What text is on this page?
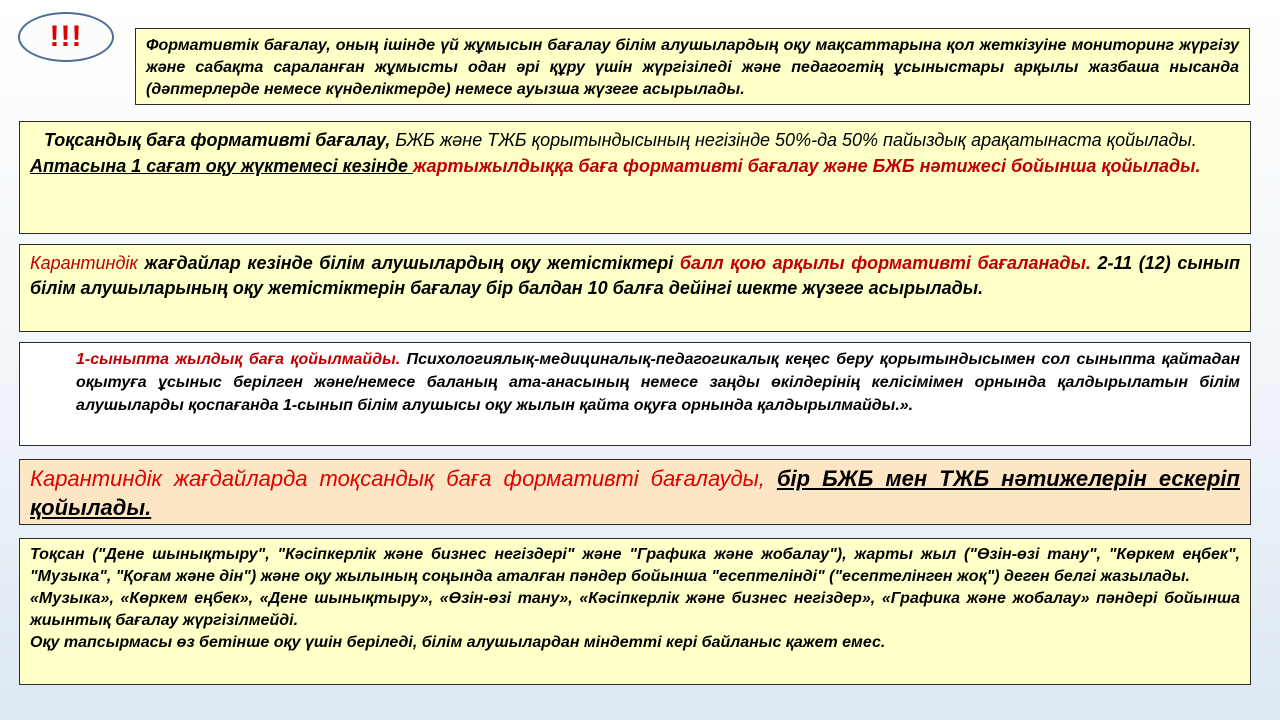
!!!	Формативтік бағалау, оның ішінде үй жұмысын бағалау білім алушылардың оқу мақсаттарына қол жеткізуіне мониторинг жүргізу және сабақта сараланған жұмысты одан әрі құру үшін жүргізіледі және педагогтің ұсыныстары арқылы жазбаша нысанда (дәптерлерде немесе күнделіктерде) немесе ауызша жүзеге асырылады.

Тоқсандық баға формативті бағалау, БЖБ және ТЖБ қорытындысының негізінде 50%-да 50% пайыздық арақатынаста қойылады.

Аптасына 1 сағат оқу жүктемесі кезінде жартыжылдыққа баға формативті бағалау және БЖБ нәтижесі бойынша қойылады.

Карантиндік жағдайлар кезінде білім алушылардың оқу жетістіктері балл қою арқылы формативті бағаланады. 2-11 (12) сынып білім алушыларының оқу жетістіктерін бағалау бір балдан 10 балға дейінгі шекте жүзеге асырылады.

1-сыныпта жылдық баға қойылмайды. Психологиялық-медициналық-педагогикалық кеңес беру қорытындысымен сол сыныпта қайтадан оқытуға ұсыныс берілген және/немесе баланың ата-анасының немесе заңды өкілдерінің келісімімен орнында қалдырылатын білім алушыларды қоспағанда 1-сынып білім алушысы оқу жылын қайта оқуға орнында қалдырылмайды.».

Карантиндік жағдайларда тоқсандық баға формативті бағалауды, бір БЖБ мен ТЖБ нәтижелерін ескеріп қойылады.

Тоқсан ("Дене шынықтыру", "Кәсіпкерлік және бизнес негіздері" және "Графика және жобалау"), жарты жыл ("Өзін-өзі тану", "Көркем еңбек", "Музыка", "Қоғам және дін") және оқу жылының соңында аталған пәндер бойынша "есептелінді" ("есептелінген жоқ") деген белгі жазылады.

«Музыка», «Көркем еңбек», «Дене шынықтыру», «Өзін-өзі тану», «Кәсіпкерлік және бизнес негіздер», «Графика және жобалау» пәндері бойынша жиынтық бағалау жүргізілмейді.

Оқу тапсырмасы өз бетінше оқу үшін беріледі, білім алушылардан міндетті кері байланыс қажет емес.
